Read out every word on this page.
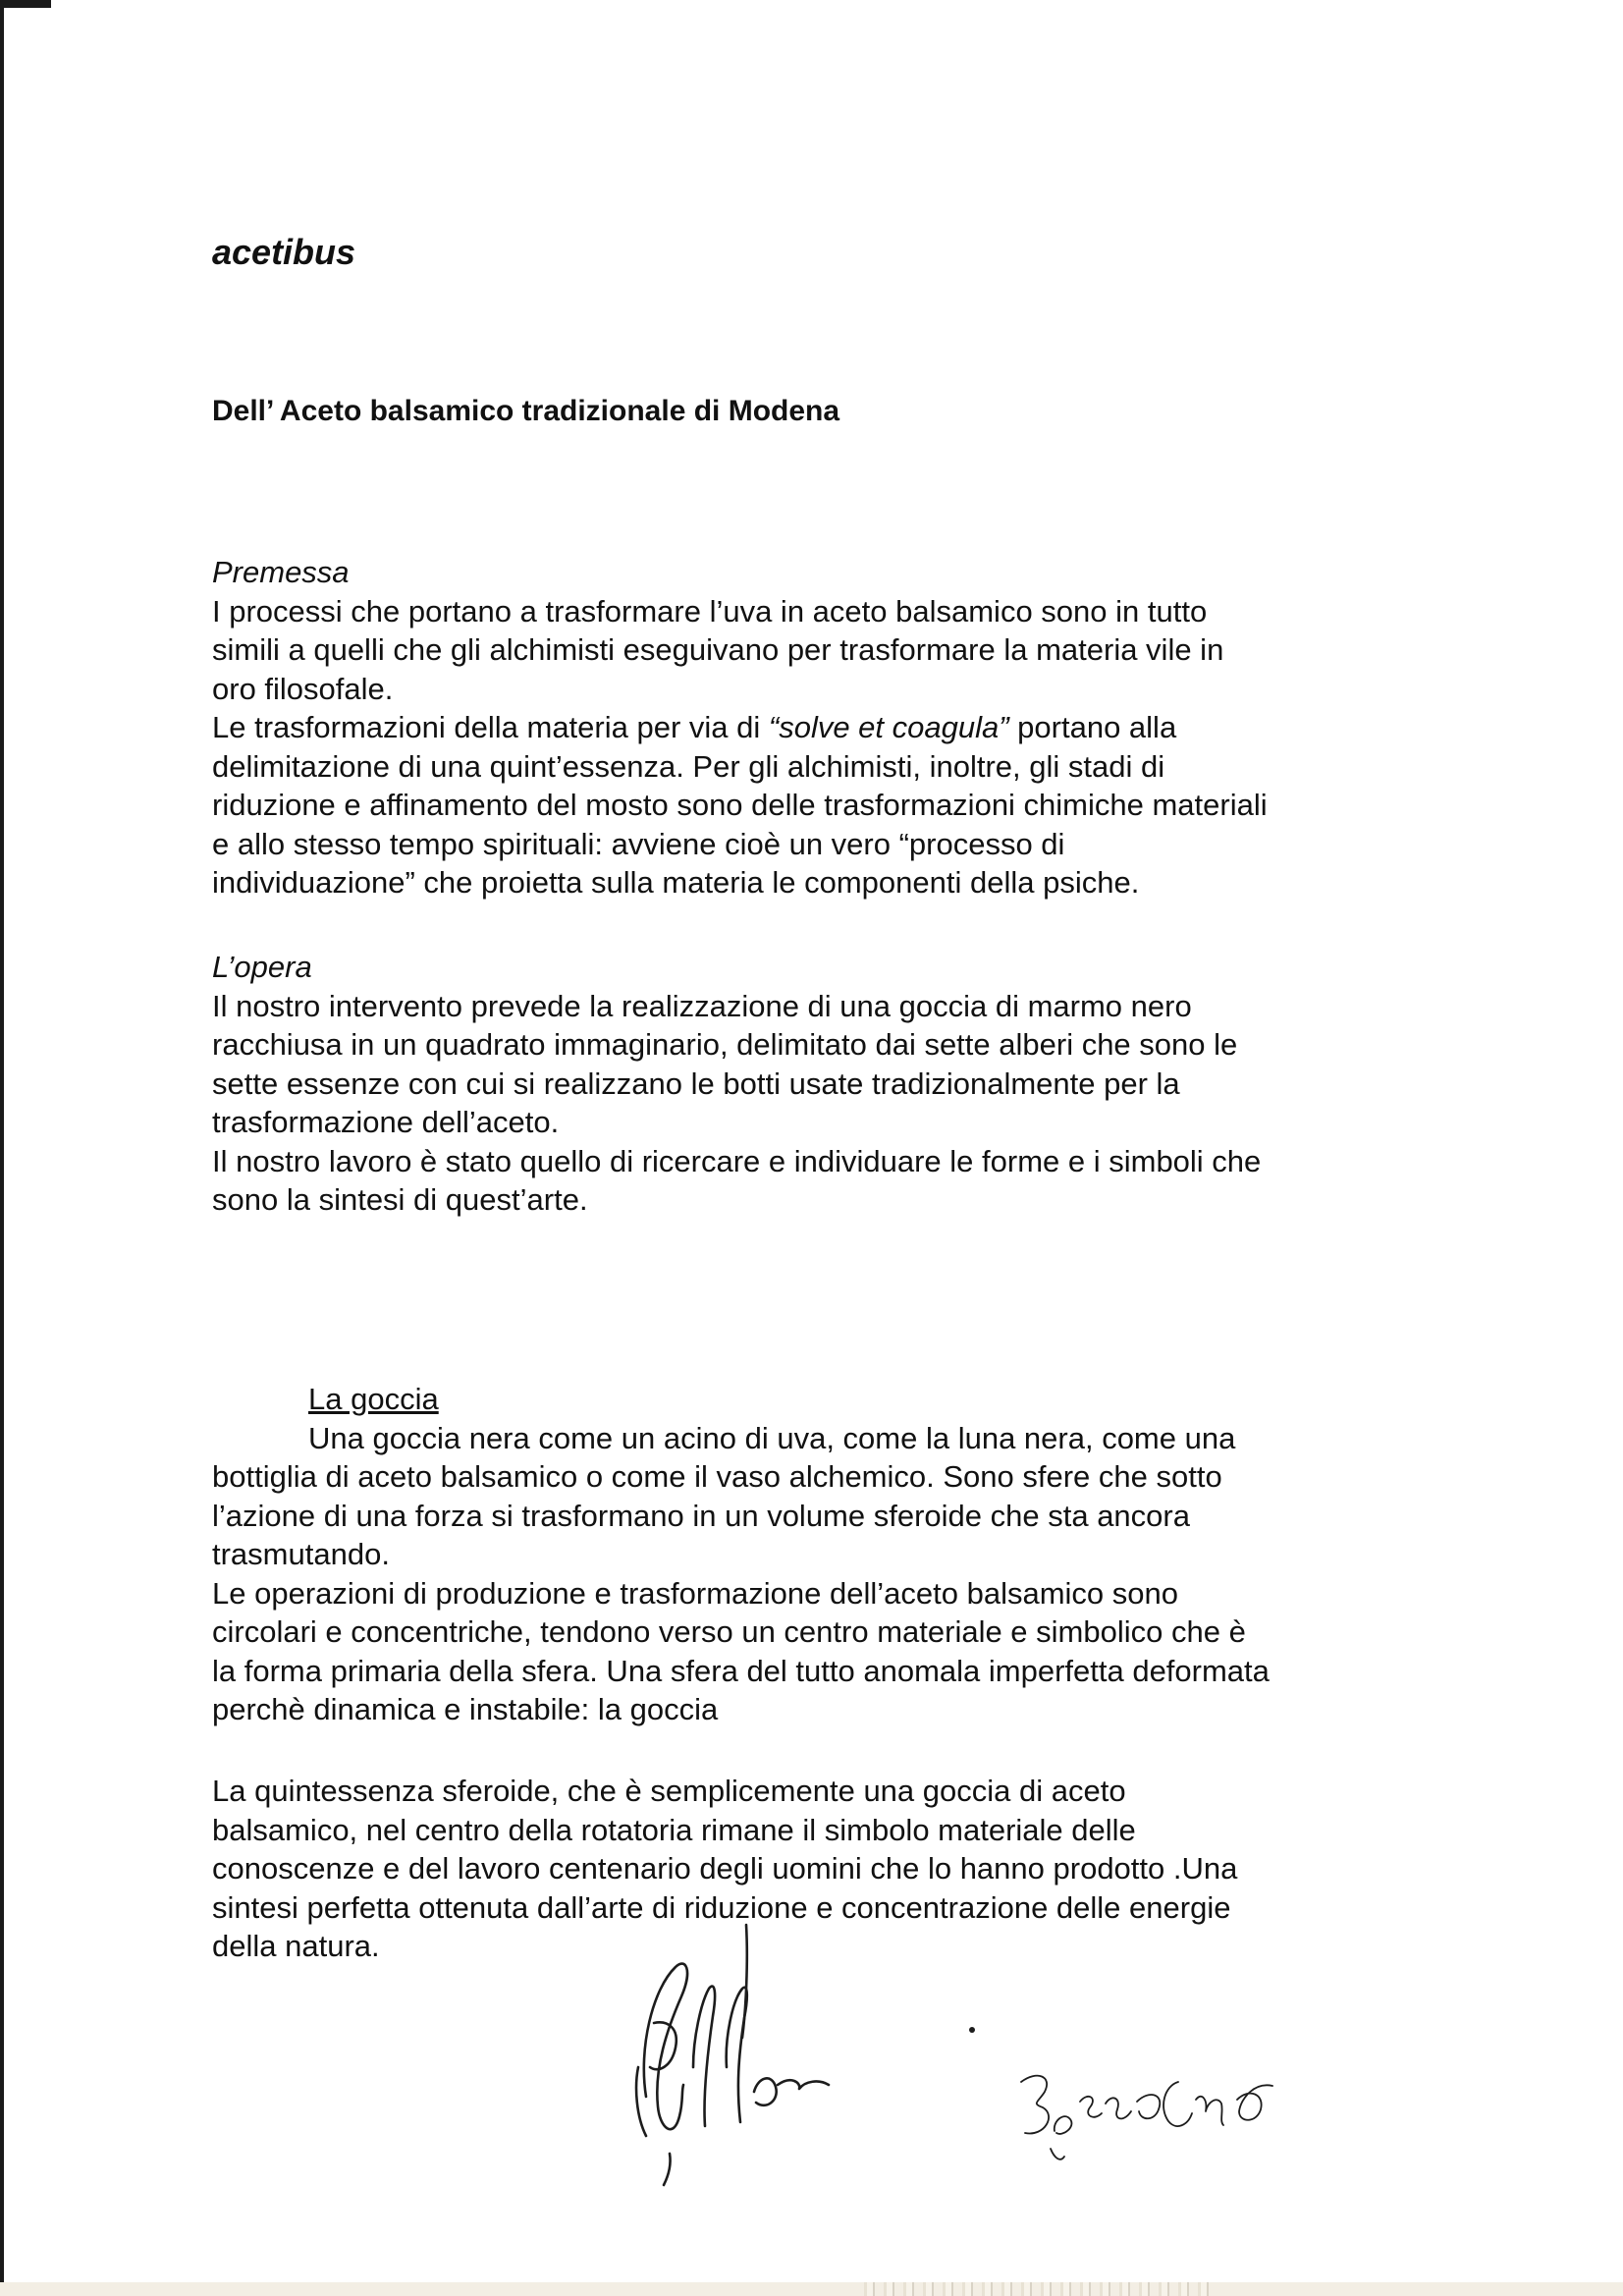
acetibus
Dell’ Aceto balsamico tradizionale di Modena
Premessa
I processi che portano a trasformare l’uva in aceto balsamico sono in tutto
simili a quelli che gli alchimisti eseguivano per trasformare la materia vile in
oro filosofale.
Le trasformazioni della materia per via di “solve et coagula” portano alla
delimitazione di una quint’essenza. Per gli alchimisti, inoltre, gli stadi di
riduzione e affinamento del mosto sono delle trasformazioni chimiche materiali
e allo stesso tempo spirituali: avviene cioè un vero “processo di
individuazione” che proietta sulla materia le componenti della psiche.
L’opera
Il nostro intervento prevede la realizzazione di una goccia di marmo nero
racchiusa in un quadrato immaginario, delimitato dai sette alberi che sono le
sette essenze con cui si realizzano le botti usate tradizionalmente per la
trasformazione dell’aceto.
Il nostro lavoro è stato quello di ricercare e individuare le forme e i simboli che
sono la sintesi di quest’arte.
La goccia
Una goccia nera come un acino di uva, come la luna nera, come una
bottiglia di aceto balsamico o come il vaso alchemico. Sono sfere che sotto
l’azione di una forza si trasformano in un volume sferoide che sta ancora
trasmutando.
Le operazioni di produzione e trasformazione dell’aceto balsamico sono
circolari e concentriche, tendono verso un centro materiale e simbolico che è
la forma primaria della sfera. Una sfera del tutto anomala imperfetta deformata
perchè dinamica e instabile: la goccia
La quintessenza sferoide, che è semplicemente una goccia di aceto
balsamico, nel centro della rotatoria rimane il simbolo materiale delle
conoscenze e del lavoro centenario degli uomini che lo hanno prodotto .Una
sintesi perfetta ottenuta dall’arte di riduzione e concentrazione delle energie
della natura.
